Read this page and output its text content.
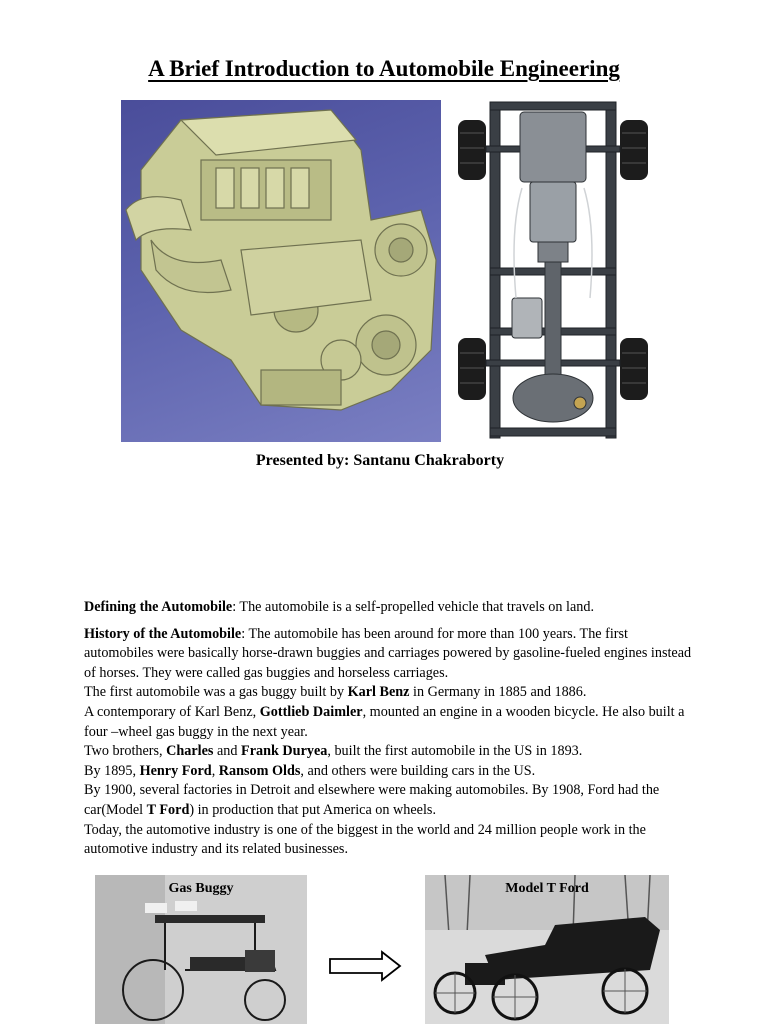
A Brief Introduction to Automobile Engineering
Presented by: Santanu Chakraborty

Defining the Automobile: The automobile is a self-propelled vehicle that travels on land.

History of the Automobile: The automobile has been around for more than 100 years. The first automobiles were basically horse-drawn buggies and carriages powered by gasoline-fueled engines instead of horses. They were called gas buggies and horseless carriages.

The first automobile was a gas buggy built by Karl Benz in Germany in 1885 and 1886.

A contemporary of Karl Benz, Gottlieb Daimler, mounted an engine in a wooden bicycle. He also built a four –wheel gas buggy in the next year.

Two brothers, Charles and Frank Duryea, built the first automobile in the US in 1893.

By 1895, Henry Ford, Ransom Olds, and others were building cars in the US.

By 1900, several factories in Detroit and elsewhere were making automobiles. By 1908, Ford had the car(Model T Ford) in production that put America on wheels.

Today, the automotive industry is one of the biggest in the world and 24 million people work in the automotive industry and its related businesses.

Gas Buggy	Model T Ford
